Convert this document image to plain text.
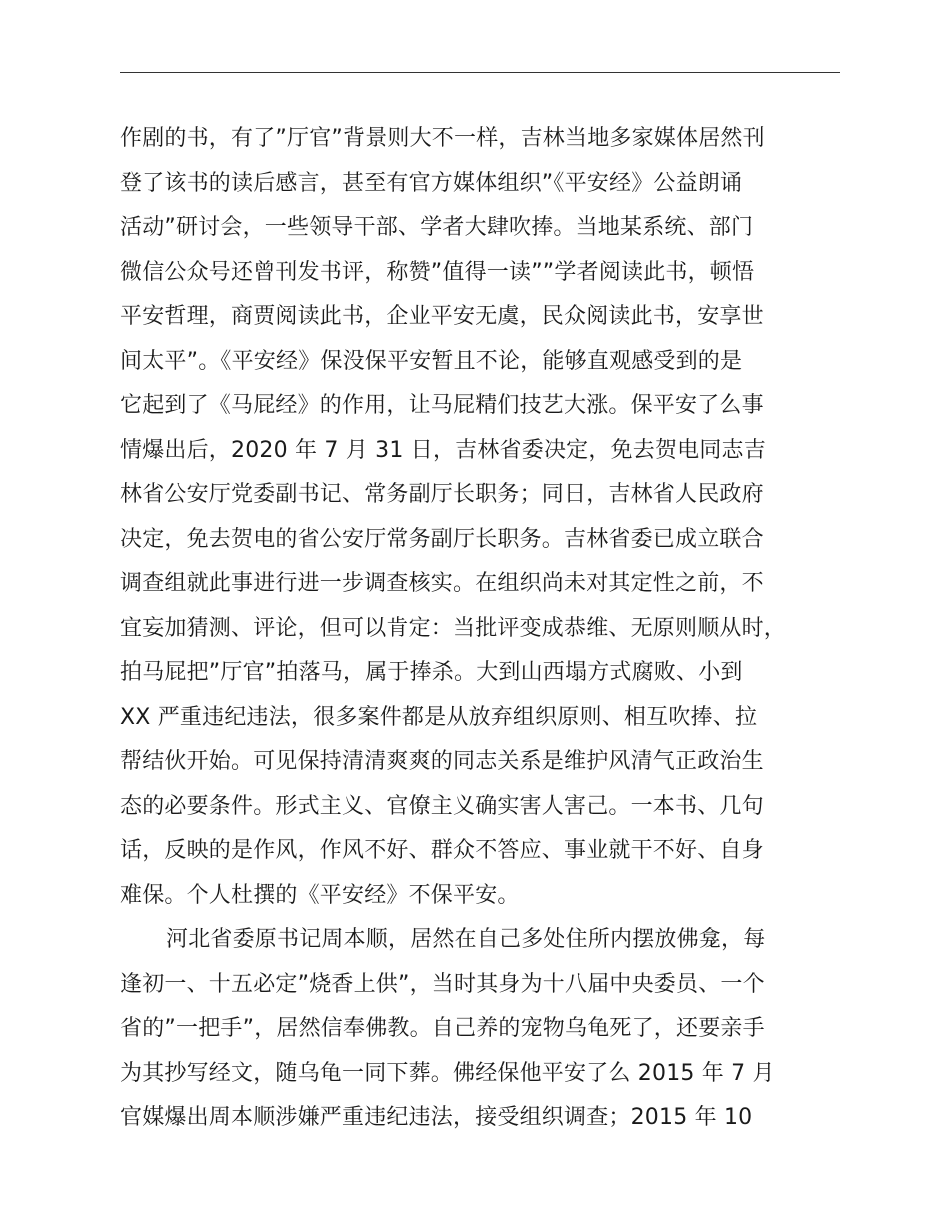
作剧的书，有了”厅官”背景则大不一样，吉林当地多家媒体居然刊
登了该书的读后感言，甚至有官方媒体组织”《平安经》公益朗诵
活动”研讨会，一些领导干部、学者大肆吹捧。当地某系统、部门
微信公众号还曾刊发书评，称赞”值得一读””学者阅读此书，顿悟
平安哲理，商贾阅读此书，企业平安无虞，民众阅读此书，安享世
间太平”。《平安经》保没保平安暂且不论，能够直观感受到的是
它起到了《马屁经》的作用，让马屁精们技艺大涨。保平安了么事
情爆出后，2020 年 7 月 31 日，吉林省委决定，免去贺电同志吉
林省公安厅党委副书记、常务副厅长职务；同日，吉林省人民政府
决定，免去贺电的省公安厅常务副厅长职务。吉林省委已成立联合
调查组就此事进行进一步调查核实。在组织尚未对其定性之前，不
宜妄加猜测、评论，但可以肯定：当批评变成恭维、无原则顺从时，
拍马屁把”厅官”拍落马，属于捧杀。大到山西塌方式腐败、小到
XX 严重违纪违法，很多案件都是从放弃组织原则、相互吹捧、拉
帮结伙开始。可见保持清清爽爽的同志关系是维护风清气正政治生
态的必要条件。形式主义、官僚主义确实害人害己。一本书、几句
话，反映的是作风，作风不好、群众不答应、事业就干不好、自身
难保。个人杜撰的《平安经》不保平安。
河北省委原书记周本顺，居然在自己多处住所内摆放佛龛，每
逢初一、十五必定”烧香上供”，当时其身为十八届中央委员、一个
省的”一把手”，居然信奉佛教。自己养的宠物乌龟死了，还要亲手
为其抄写经文，随乌龟一同下葬。佛经保他平安了么 2015 年 7 月
官媒爆出周本顺涉嫌严重违纪违法，接受组织调查；2015 年 10
